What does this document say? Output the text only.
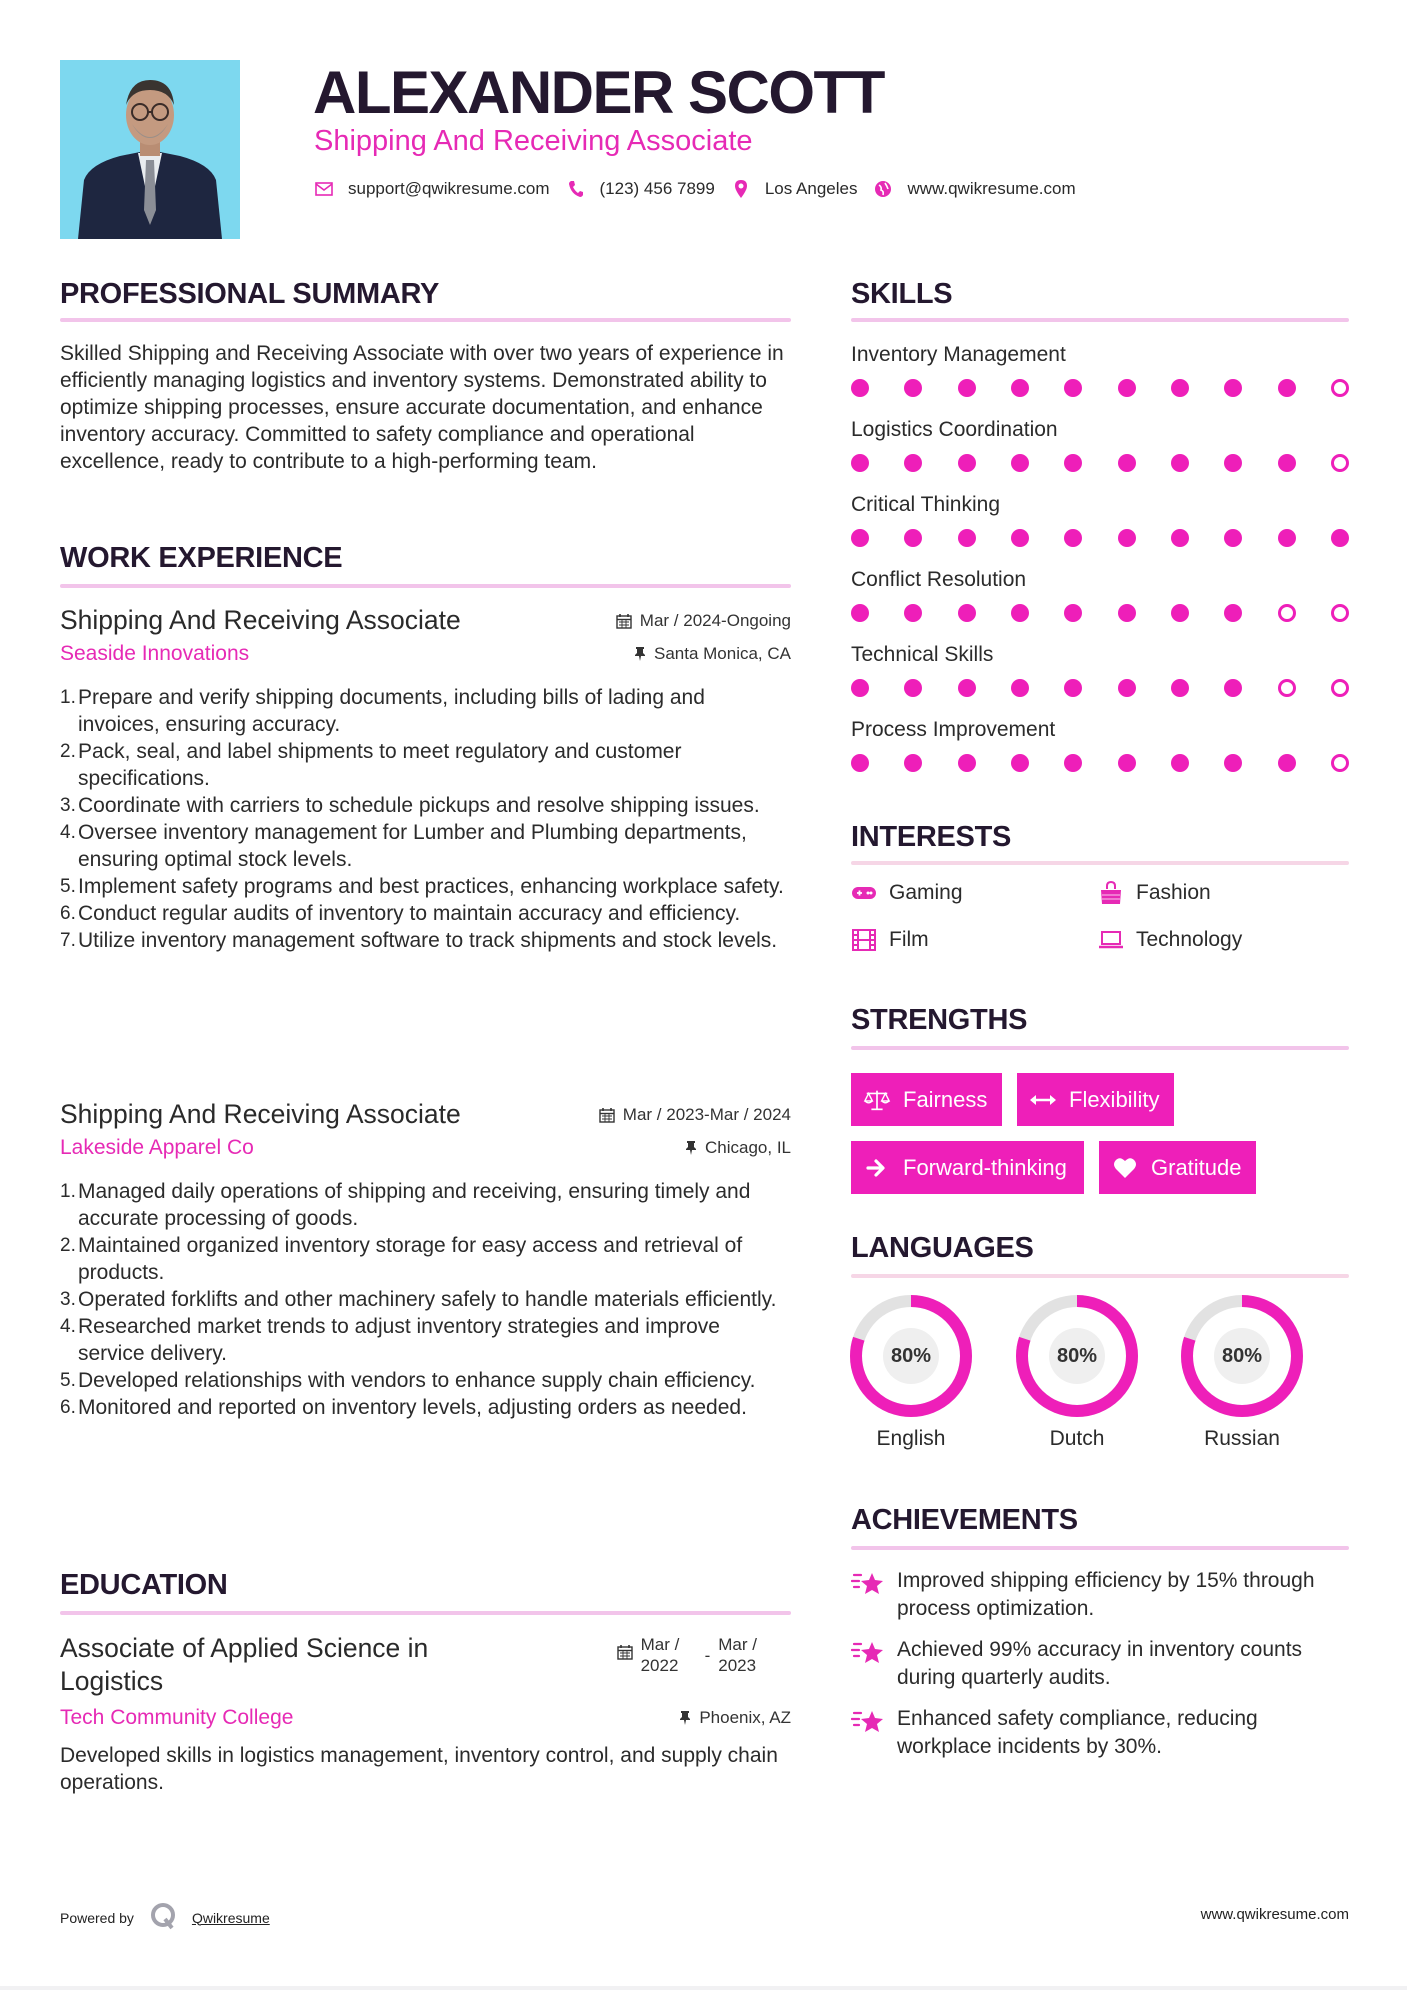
ALEXANDER SCOTT
Shipping And Receiving Associate
support@qwikresume.com	(123) 456 7899	Los Angeles	www.qwikresume.com
PROFESSIONAL SUMMARY
Skilled Shipping and Receiving Associate with over two years of experience in efficiently managing logistics and inventory systems. Demonstrated ability to optimize shipping processes, ensure accurate documentation, and enhance inventory accuracy. Committed to safety compliance and operational excellence, ready to contribute to a high-performing team.
WORK EXPERIENCE
Shipping And Receiving Associate	Mar / 2024-Ongoing
Seaside Innovations	Santa Monica, CA
1. Prepare and verify shipping documents, including bills of lading and invoices, ensuring accuracy.
2. Pack, seal, and label shipments to meet regulatory and customer specifications.
3. Coordinate with carriers to schedule pickups and resolve shipping issues.
4. Oversee inventory management for Lumber and Plumbing departments, ensuring optimal stock levels.
5. Implement safety programs and best practices, enhancing workplace safety.
6. Conduct regular audits of inventory to maintain accuracy and efficiency.
7. Utilize inventory management software to track shipments and stock levels.
Shipping And Receiving Associate	Mar / 2023-Mar / 2024
Lakeside Apparel Co	Chicago, IL
1. Managed daily operations of shipping and receiving, ensuring timely and accurate processing of goods.
2. Maintained organized inventory storage for easy access and retrieval of products.
3. Operated forklifts and other machinery safely to handle materials efficiently.
4. Researched market trends to adjust inventory strategies and improve service delivery.
5. Developed relationships with vendors to enhance supply chain efficiency.
6. Monitored and reported on inventory levels, adjusting orders as needed.
EDUCATION
Associate of Applied Science in
Logistics
Mar /
2022
-
Mar /
2023
Tech Community College	Phoenix, AZ
Developed skills in logistics management, inventory control, and supply chain operations.
SKILLS
Inventory Management
Logistics Coordination
Critical Thinking
Conflict Resolution
Technical Skills
Process Improvement
INTERESTS
Gaming	Fashion
Film	Technology
STRENGTHS
Fairness	Flexibility
Forward-thinking	Gratitude
LANGUAGES
80%
English
80%
Dutch
80%
Russian
ACHIEVEMENTS
Improved shipping efficiency by 15% through process optimization.
Achieved 99% accuracy in inventory counts during quarterly audits.
Enhanced safety compliance, reducing workplace incidents by 30%.
Powered by	Qwikresume	www.qwikresume.com
